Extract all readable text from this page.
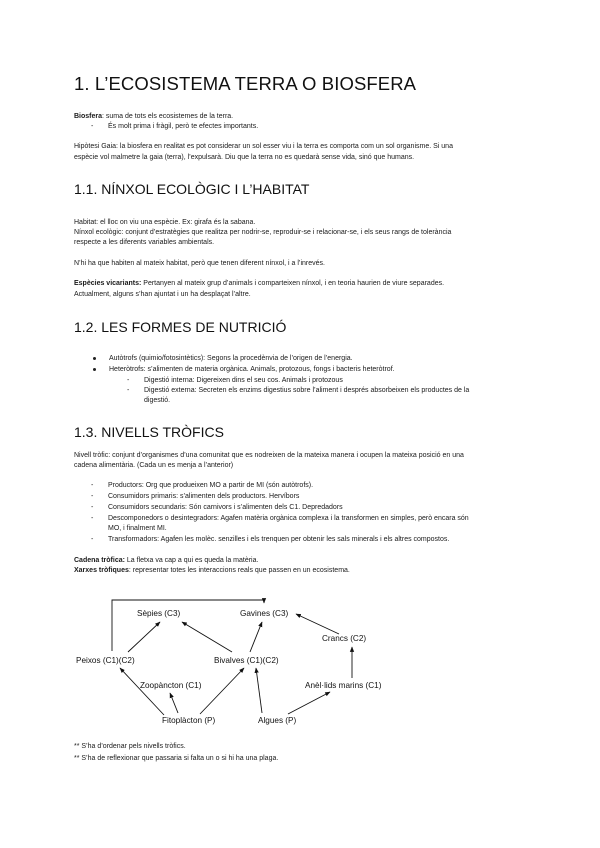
1. L’ECOSISTEMA TERRA O BIOSFERA

Biosfera: suma de tots els ecosistemes de la terra.

- És molt prima i fràgil, però te efectes importants.

Hipòtesi Gaia: la biosfera en realitat es pot considerar un sol esser viu i la terra es comporta com un sol organisme. Si una

espècie vol malmetre la gaia (terra), l’expulsarà. Diu que la terra no es quedarà sense vida, sinó que humans.

1.1. NÍNXOL ECOLÒGIC I L’HABITAT

Habitat: el lloc on viu una espècie. Ex: girafa és la sabana.

Nínxol ecològic: conjunt d’estratègies que realitza per nodrir-se, reproduir-se i relacionar-se, i els seus rangs de tolerància

respecte a les diferents variables ambientals.

N’hi ha que habiten al mateix habitat, però que tenen diferent nínxol, i a l’inrevés.

Espècies vicariants: Pertanyen al mateix grup d’animals i comparteixen nínxol, i en teoria haurien de viure separades.

Actualment, alguns s’han ajuntat i un ha desplaçat l’altre.

1.2. LES FORMES DE NUTRICIÓ
Autòtrofs (quimio/fotosintètics): Segons la procedènvia de l’origen de l’energia.
Heteròtrofs: s’alimenten de materia orgànica. Animals, protozous, fongs i bacteris heteròtrof.
- Digestió interna: Digereixen dins el seu cos. Animals i protozous
- Digestió externa: Secreten els enzims digestius sobre l’aliment i després absorbeixen els productes de la
digestió.
1.3. NIVELLS TRÒFICS

Nivell tròfic: conjunt d’organismes d’una comunitat que es nodreixen de la mateixa manera i ocupen la mateixa posició en una

cadena alimentària. (Cada un es menja a l’anterior)

- Productors: Org que produeixen MO a partir de MI (són autòtrofs).
- Consumidors primaris: s’alimenten dels productors. Hervíbors
- Consumidors secundaris: Són carnivors i s’alimenten dels C1. Depredadors
- Descomponedors o desintegradors: Agafen matèria orgànica complexa i la transformen en simples, però encara són
MO, i finalment MI.
- Transformadors: Agafen les molèc. senzilles i els trenquen per obtenir les sals minerals i els altres compostos.

Cadena tròfica: La fletxa va cap a qui es queda la matèria.

Xarxes tròfiques: representar totes les interaccions reals que passen en un ecosistema.

Sèpies (C3)	Gavines (C3)
Crancs (C2)
Peixos (C1)(C2)	Bivalves (C1)(C2)
Zoopàncton (C1)	Anèl·lids marins (C1)
Fitoplàcton (P)	Algues (P)

** S’ha d’ordenar pels nivells tròfics.

** S’ha de reflexionar que passaria si falta un o si hi ha una plaga.
